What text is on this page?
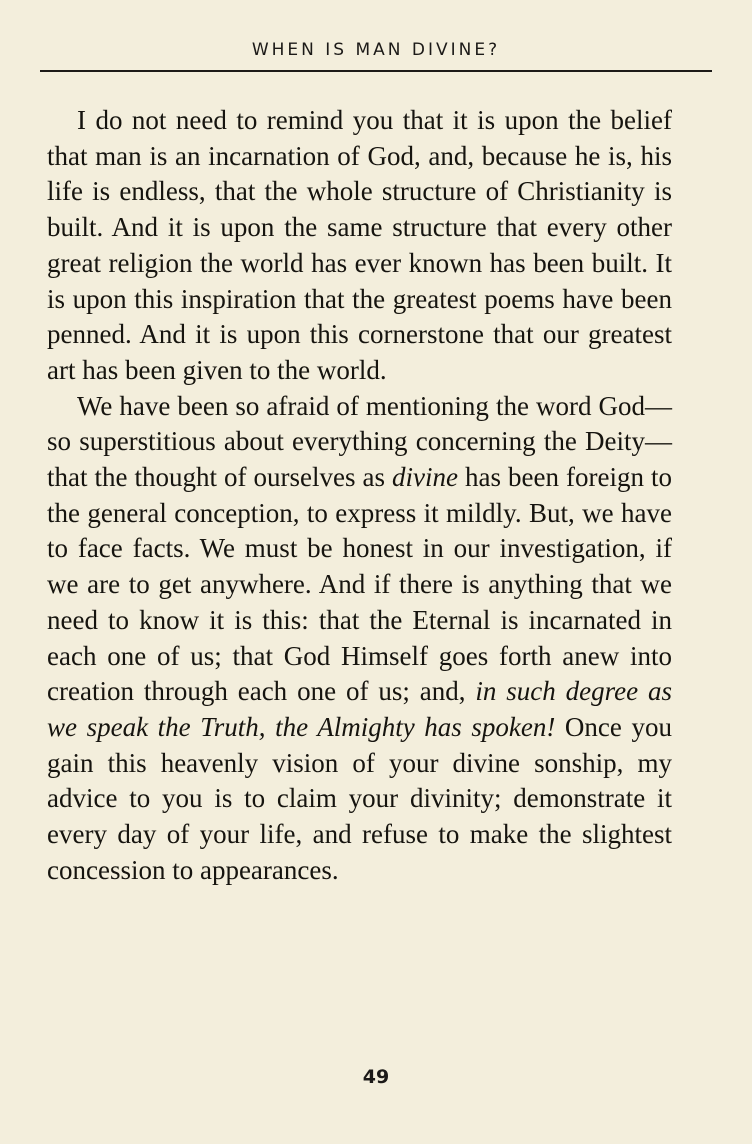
WHEN IS MAN DIVINE?

I do not need to remind you that it is upon the belief that man is an incarnation of God, and, because he is, his life is endless, that the whole structure of Christianity is built. And it is upon the same structure that every other great religion the world has ever known has been built. It is upon this inspiration that the greatest poems have been penned. And it is upon this cornerstone that our greatest art has been given to the world.

We have been so afraid of mentioning the word God—so superstitious about everything concerning the Deity—that the thought of ourselves as divine has been foreign to the general conception, to express it mildly. But, we have to face facts. We must be honest in our investigation, if we are to get anywhere. And if there is anything that we need to know it is this: that the Eternal is incarnated in each one of us; that God Himself goes forth anew into creation through each one of us; and, in such degree as we speak the Truth, the Almighty has spoken! Once you gain this heavenly vision of your divine sonship, my advice to you is to claim your divinity; demonstrate it every day of your life, and refuse to make the slightest concession to appearances.

49
